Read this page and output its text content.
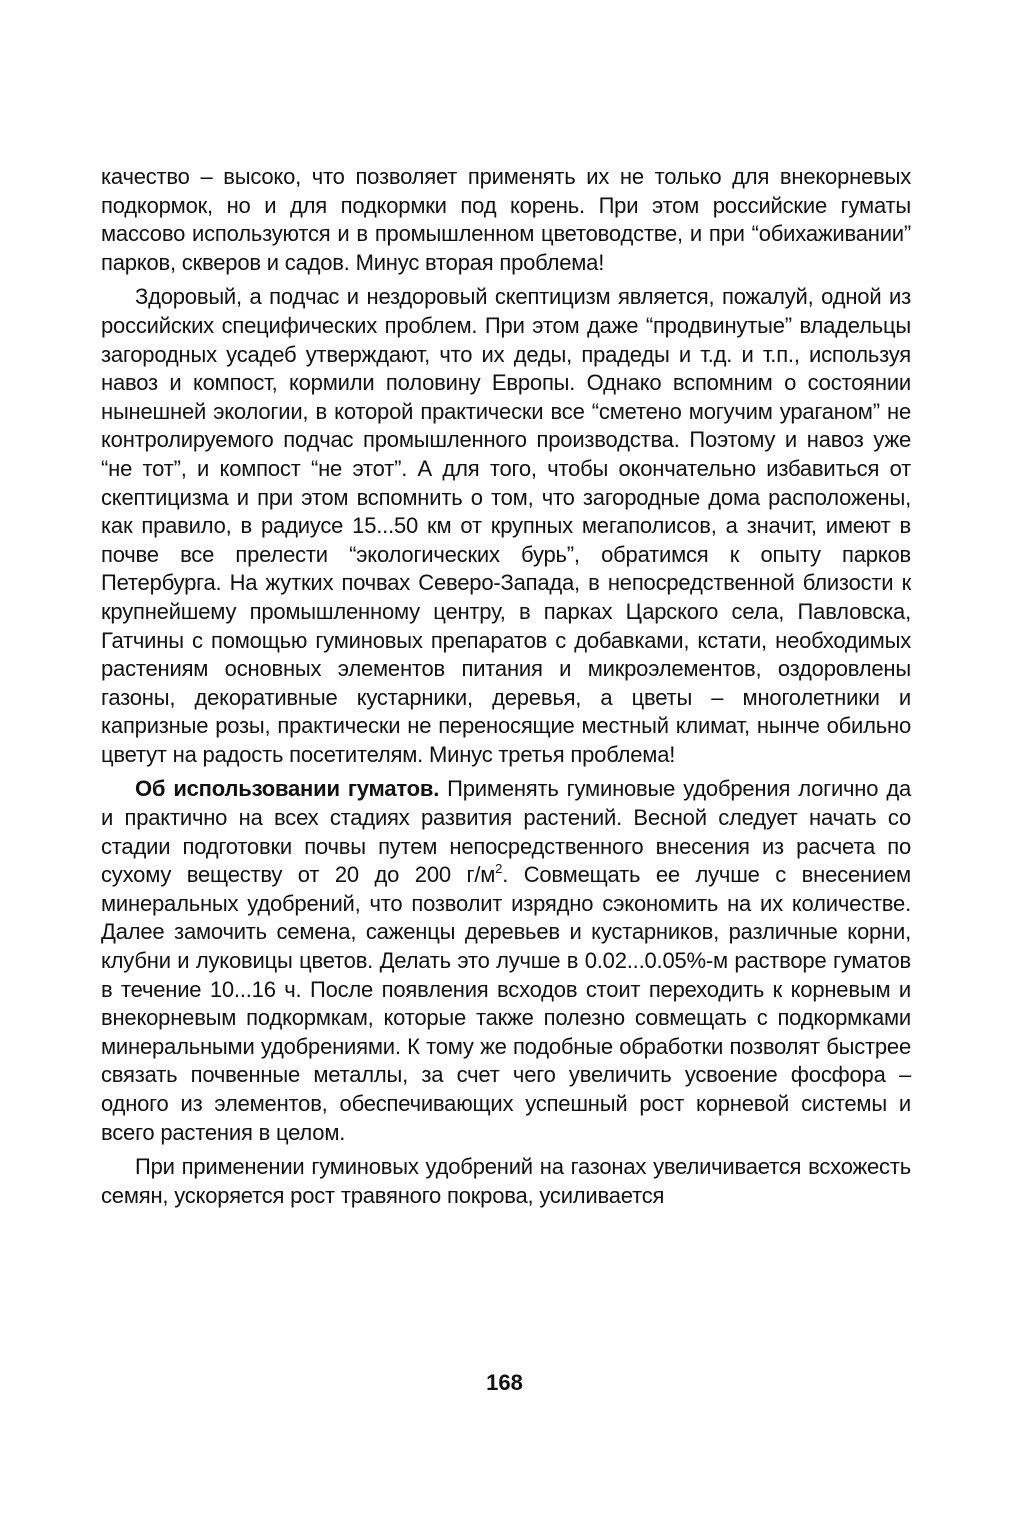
качество – высоко, что позволяет применять их не только для внекорневых подкормок, но и для подкормки под корень. При этом российские гуматы массово используются и в промышленном цветоводстве, и при “обихаживании” парков, скверов и садов. Минус вторая проблема!

Здоровый, а подчас и нездоровый скептицизм является, пожалуй, одной из российских специфических проблем. При этом даже “продвинутые” владельцы загородных усадеб утверждают, что их деды, прадеды и т.д. и т.п., используя навоз и компост, кормили половину Европы. Однако вспомним о состоянии нынешней экологии, в которой практически все “сметено могучим ураганом” не контролируемого подчас промышленного производства. Поэтому и навоз уже “не тот”, и компост “не этот”. А для того, чтобы окончательно избавиться от скептицизма и при этом вспомнить о том, что загородные дома расположены, как правило, в радиусе 15...50 км от крупных мегаполисов, а значит, имеют в почве все прелести “экологических бурь”, обратимся к опыту парков Петербурга. На жутких почвах Северо-Запада, в непосредственной близости к крупнейшему промышленному центру, в парках Царского села, Павловска, Гатчины с помощью гуминовых препаратов с добавками, кстати, необходимых растениям основных элементов питания и микроэлементов, оздоровлены газоны, декоративные кустарники, деревья, а цветы – многолетники и капризные розы, практически не переносящие местный климат, нынче обильно цветут на радость посетителям. Минус третья проблема!

Об использовании гуматов. Применять гуминовые удобрения логично да и практично на всех стадиях развития растений. Весной следует начать со стадии подготовки почвы путем непосредственного внесения из расчета по сухому веществу от 20 до 200 $г/м^2$. Совмещать ее лучше с внесением минеральных удобрений, что позволит изрядно сэкономить на их количестве. Далее замочить семена, саженцы деревьев и кустарников, различные корни, клубни и луковицы цветов. Делать это лучше в 0.02...0.05%-м растворе гуматов в течение 10...16 ч. После появления всходов стоит переходить к корневым и внекорневым подкормкам, которые также полезно совмещать с подкормками минеральными удобрениями. К тому же подобные обработки позволят быстрее связать почвенные металлы, за счет чего увеличить усвоение фосфора – одного из элементов, обеспечивающих успешный рост корневой системы и всего растения в целом.

При применении гуминовых удобрений на газонах увеличивается всхожесть семян, ускоряется рост травяного покрова, усиливается

168
